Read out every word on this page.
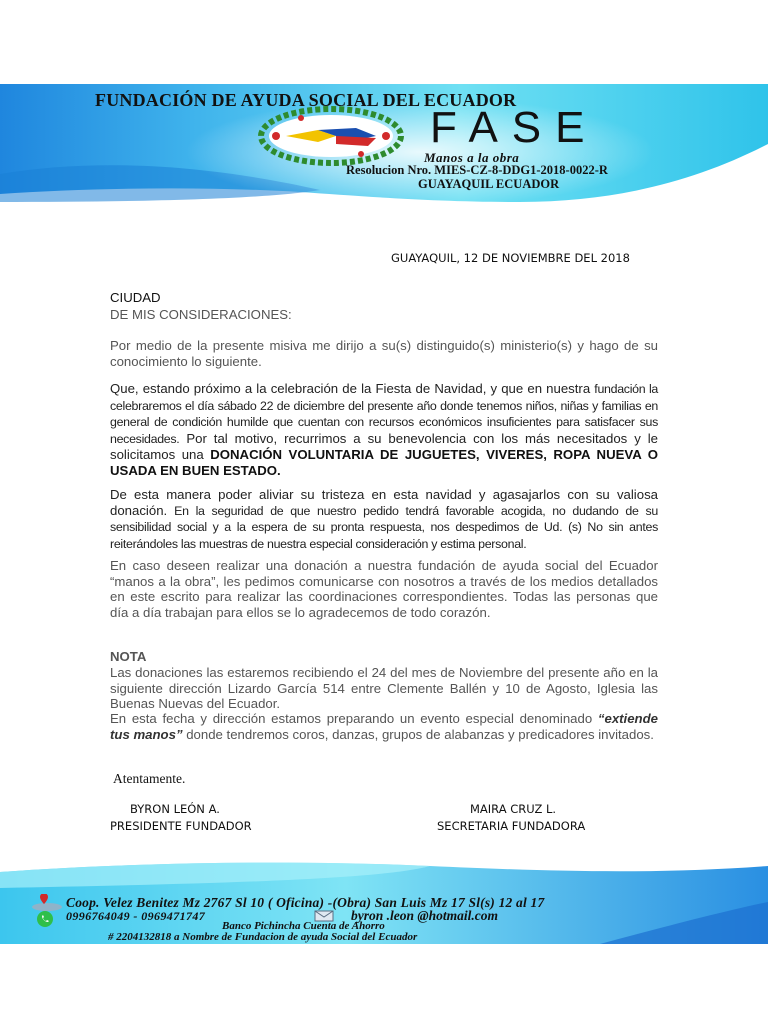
FUNDACIÓN DE AYUDA SOCIAL DEL ECUADOR
FASE
Manos a la obra
Resolucion Nro. MIES-CZ-8-DDG1-2018-0022-R
GUAYAQUIL ECUADOR
GUAYAQUIL, 12 DE NOVIEMBRE DEL 2018
CIUDAD
DE MIS CONSIDERACIONES:
Por medio de la presente misiva me dirijo a su(s) distinguido(s) ministerio(s) y hago de su conocimiento lo siguiente.
Que, estando próximo a la celebración de la Fiesta de Navidad, y que en nuestra fundación la celebraremos el día sábado 22 de diciembre del presente año donde tenemos niños, niñas y familias en general de condición humilde que cuentan con recursos económicos insuficientes para satisfacer sus necesidades. Por tal motivo, recurrimos a su benevolencia con los más necesitados y le solicitamos una DONACIÓN VOLUNTARIA DE JUGUETES, VIVERES, ROPA NUEVA O USADA EN BUEN ESTADO.
De esta manera poder aliviar su tristeza en esta navidad y agasajarlos con su valiosa donación. En la seguridad de que nuestro pedido tendrá favorable acogida, no dudando de su sensibilidad social y a la espera de su pronta respuesta, nos despedimos de Ud. (s) No sin antes reiterándoles las muestras de nuestra especial consideración y estima personal.
En caso deseen realizar una donación a nuestra fundación de ayuda social del Ecuador “manos a la obra”, les pedimos comunicarse con nosotros a través de los medios detallados en este escrito para realizar las coordinaciones correspondientes. Todas las personas que día a día trabajan para ellos se lo agradecemos de todo corazón.
NOTA
Las donaciones las estaremos recibiendo el 24 del mes de Noviembre del presente año en la siguiente dirección Lizardo García 514 entre Clemente Ballén y 10 de Agosto, Iglesia las Buenas Nuevas del Ecuador.
En esta fecha y dirección estamos preparando un evento especial denominado “extiende tus manos” donde tendremos coros, danzas, grupos de alabanzas y predicadores invitados.
Atentamente.
BYRON LEÓN A.
PRESIDENTE FUNDADOR
MAIRA CRUZ L.
SECRETARIA FUNDADORA
Coop. Velez Benitez Mz 2767 Sl 10 ( Oficina) -(Obra) San Luis Mz 17 Sl(s) 12 al 17
0996764049 - 0969471747	byron .leon @hotmail.com
Banco Pichincha Cuenta de Ahorro
# 2204132818 a Nombre de Fundacion de ayuda Social del Ecuador
